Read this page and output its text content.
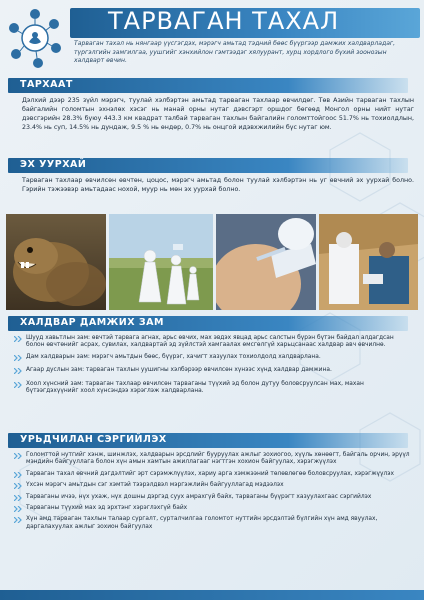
ТАРВАГАН ТАХАЛ
Тарваган тахал нь нянгаар үүсгэгдэх, мэрэгч амьтад тэдний бөөс бүүргээр дамжих халдварладаг, түргэлгийн замгилгаа, уушгийг хэнхийлон гэмтээдэг хялуурант, хурц хордлого бүхий зоонозын халдварт өвчин.
ТАРХААТ
Дэлхий дээр 235 зүйл мэрэгч, туулай хэлбэртэн амьтад тарваган тахлаар өвчилдөг. Төв Азийн тарваган тахлын байгалийн голомтын эхнэлөх хэсэг нь манай орны нутаг дэвсгэрт оршдог бөгөөд Монгол орны нийт нутаг дэвсгэрийн 28.3% буюу 443.3 км квадрат талбай тарваган тахлын байгалийн голомттойгоос 51.7% нь тохиолдлын, 23.4% нь суп, 14.5% нь дундаж, 9.5 % нь өндөр, 0.7% нь онцгой идэвхжилийн бүс нутаг юм.
ЭХ УУРХАЙ
Тарваган тахлаар өвчилсөн өвчтөн, цоцос, мэрэгч амьтад болон туулай хэлбэртэн нь уг өвчний эх уурхай болно. Гэрийн тэжээвэр амьтадаас нохой, муур нь мөн эх уурхай болно.
ХАЛДВАР ДАМЖИХ ЗАМ
Шууд хавьтлын зам: өвчтэй тарвага агнах, арьс өвчих, мах эвдэх явцад арьс салстын бүрэн бүтэн байдал алдагдсан болон өвчтөнийг асрах, сувилах, халдвартай эд зүйлстэй хамгаалах өмсгөлгүй харьцсанаас халдвар авч өвчилнө.
Дам халдварын зам: мэрэгч амьтдын бөөс, бүүрэг, хачигт хазуулах тохиолдолд халдварлана.
Агаар дуслын зам: тарваган тахлын уушигны хэлбэрээр өвчилсөн хүнээс хүнд халдвар дамжина.
Хоол хүнсний зам: тарваган тахлаар өвчилсөн тарваганы түүхий эд болон дутуу боловсруулсан мах, махан бүтээгдэхүүнийг хоол хүнсэндээ хэрэглэж халдварлана.
УРЬДЧИЛАН СЭРГИЙЛЭХ
Голомттой нутгийг хэнж, шинжлэх, халдварын эрсдлийг бууруулах ажлыг зохиогоо, хүүль хөнөөгт, байгаль орчин, эрүүл мэндийн байгууллага болон хүн амын хамтын ажиллагааг нэгтгэн хохион байгуулах, хэрэгжүүлэх
Тарваган тахал өвчний дэгдэлтийг эрт сэрэмжлүүлэх, хариу арга хэмжээний төлөвлөгөө боловсруулах, хэрэгжүүлэх
Үхсэн мэрэгч амьтдын сэг хэмтэй тээрэлдвэл мэргэжлийн байгууллагад мэдээлэх
Тарваганы ичээ, нүх ухаж, нүх дошны дэргэд суух амрахгүй байх, тарваганы бүүрэгт хазуулахгаас сэргийлэх
Тарваганы түүхий мах эд эрхтэнг хэрэглэхгүй байх
Хүн амд тарваган тахлын талаар сургалт, сурталчилгаа голомтот нуттийн эрсдэлтэй бүлгийн хүн амд явуулах, даргалахуулах ажлыг зохион байгуулах
